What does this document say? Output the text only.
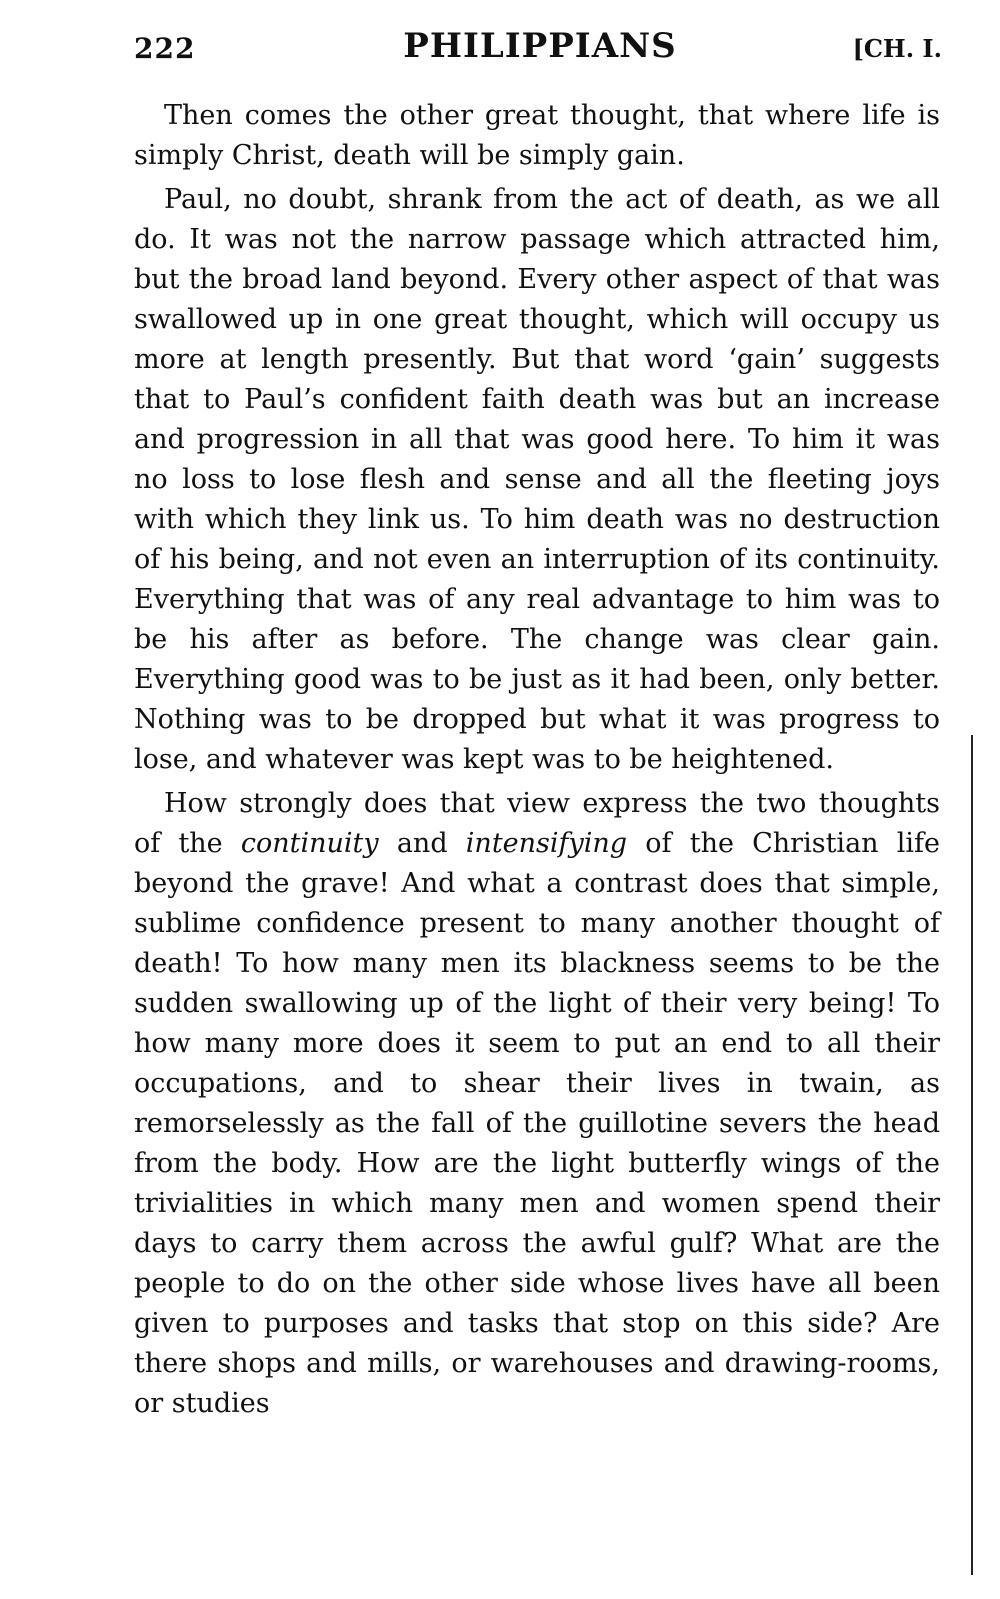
222	PHILIPPIANS	[CH. I.

Then comes the other great thought, that where life is simply Christ, death will be simply gain.

Paul, no doubt, shrank from the act of death, as we all do. It was not the narrow passage which attracted him, but the broad land beyond. Every other aspect of that was swallowed up in one great thought, which will occupy us more at length presently. But that word ‘gain’ suggests that to Paul’s confident faith death was but an increase and progression in all that was good here. To him it was no loss to lose flesh and sense and all the fleeting joys with which they link us. To him death was no destruction of his being, and not even an interruption of its continuity. Everything that was of any real advantage to him was to be his after as before. The change was clear gain. Everything good was to be just as it had been, only better. Nothing was to be dropped but what it was progress to lose, and whatever was kept was to be heightened.

How strongly does that view express the two thoughts of the continuity and intensifying of the Christian life beyond the grave! And what a contrast does that simple, sublime confidence present to many another thought of death! To how many men its blackness seems to be the sudden swallowing up of the light of their very being! To how many more does it seem to put an end to all their occupations, and to shear their lives in twain, as remorselessly as the fall of the guillotine severs the head from the body. How are the light butterfly wings of the trivialities in which many men and women spend their days to carry them across the awful gulf? What are the people to do on the other side whose lives have all been given to purposes and tasks that stop on this side? Are there shops and mills, or warehouses and drawing-rooms, or studies
